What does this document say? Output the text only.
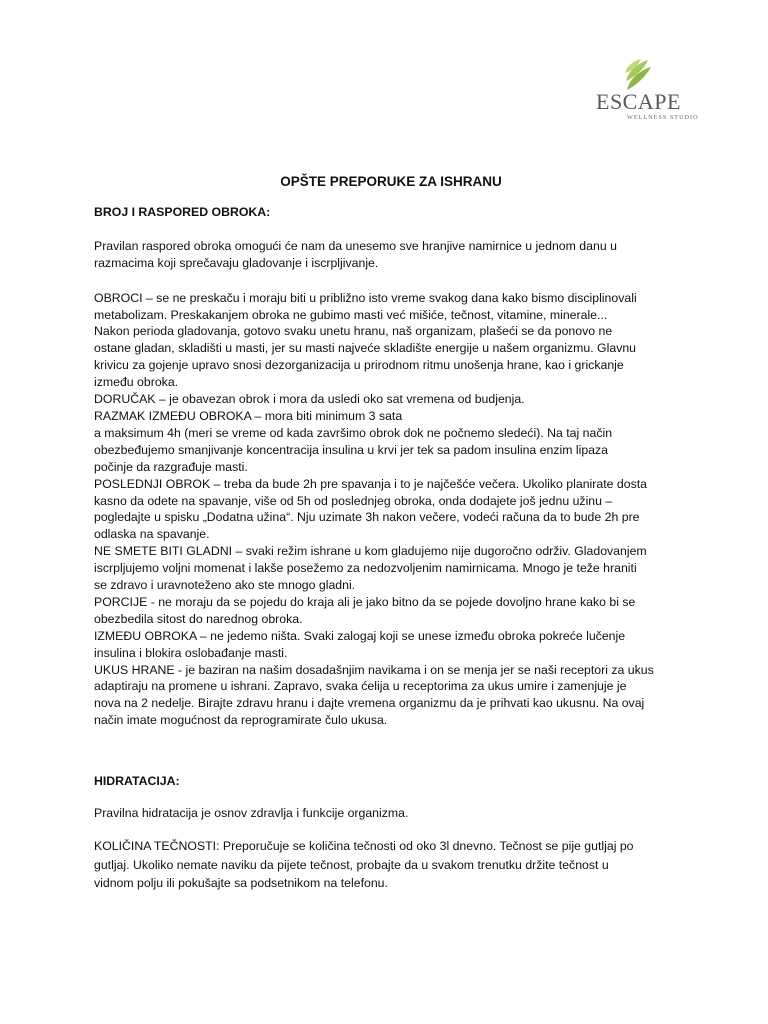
ESCAPE
WELLNESS STUDIO
OPŠTE PREPORUKE ZA ISHRANU
BROJ I RASPORED OBROKA:
Pravilan raspored obroka omogući će nam da unesemo sve hranjive namirnice u jednom danu u
razmacima koji sprečavaju gladovanje i iscrpljivanje.
OBROCI – se ne preskaču i moraju biti u približno isto vreme svakog dana kako bismo disciplinovali
metabolizam. Preskakanjem obroka ne gubimo masti već mišiće, tečnost, vitamine, minerale...
Nakon perioda gladovanja, gotovo svaku unetu hranu, naš organizam, plašeći se da ponovo ne
ostane gladan, skladišti u masti, jer su masti najveće skladište energije u našem organizmu. Glavnu
krivicu za gojenje upravo snosi dezorganizacija u prirodnom ritmu unošenja hrane, kao i grickanje
između obroka.
DORUČAK – je obavezan obrok i mora da usledi oko sat vremena od budjenja.
RAZMAK IZMEĐU OBROKA – mora biti minimum 3 sata
a maksimum 4h (meri se vreme od kada završimo obrok dok ne počnemo sledeći). Na taj način
obezbeđujemo smanjivanje koncentracija insulina u krvi jer tek sa padom insulina enzim lipaza
počinje da razgrađuje masti.
POSLEDNJI OBROK – treba da bude 2h pre spavanja i to je najčešće večera. Ukoliko planirate dosta
kasno da odete na spavanje, više od 5h od poslednjeg obroka, onda dodajete još jednu užinu –
pogledajte u spisku „Dodatna užina“. Nju uzimate 3h nakon večere, vodeći računa da to bude 2h pre
odlaska na spavanje.
NE SMETE BITI GLADNI – svaki režim ishrane u kom gladujemo nije dugoročno održiv. Gladovanjem
iscrpljujemo voljni momenat i lakše posežemo za nedozvoljenim namirnicama. Mnogo je teže hraniti
se zdravo i uravnoteženo ako ste mnogo gladni.
PORCIJE - ne moraju da se pojedu do kraja ali je jako bitno da se pojede dovoljno hrane kako bi se
obezbedila sitost do narednog obroka.
IZMEĐU OBROKA – ne jedemo ništa. Svaki zalogaj koji se unese između obroka pokreće lučenje
insulina i blokira oslobađanje masti.
UKUS HRANE - je baziran na našim dosadašnjim navikama i on se menja jer se naši receptori za ukus
adaptiraju na promene u ishrani. Zapravo, svaka ćelija u receptorima za ukus umire i zamenjuje je
nova na 2 nedelje. Birajte zdravu hranu i dajte vremena organizmu da je prihvati kao ukusnu. Na ovaj
način imate mogućnost da reprogramirate čulo ukusa.
HIDRATACIJA:
Pravilna hidratacija je osnov zdravlja i funkcije organizma.
KOLIČINA TEČNOSTI: Preporučuje se količina tečnosti od oko 3l dnevno. Tečnost se pije gutljaj po
gutljaj. Ukoliko nemate naviku da pijete tečnost, probajte da u svakom trenutku držite tečnost u
vidnom polju ili pokušajte sa podsetnikom na telefonu.
